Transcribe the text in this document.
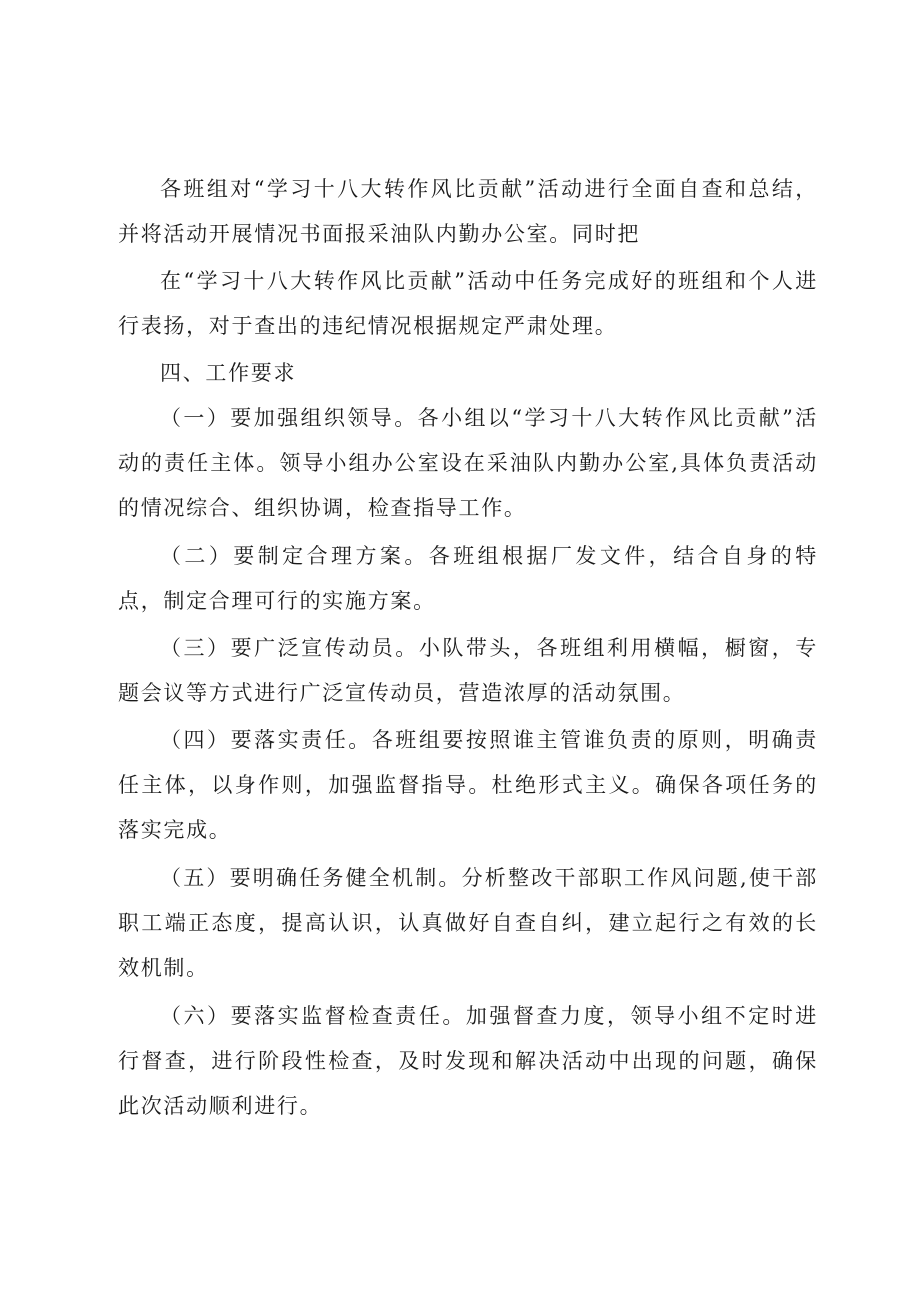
各班组对“学习十八大转作风比贡献”活动进行全面自查和总结，并将活动开展情况书面报采油队内勤办公室。同时把

在“学习十八大转作风比贡献”活动中任务完成好的班组和个人进行表扬，对于查出的违纪情况根据规定严肃处理。

四、工作要求

（一）要加强组织领导。各小组以“学习十八大转作风比贡献”活动的责任主体。领导小组办公室设在采油队内勤办公室,具体负责活动的情况综合、组织协调，检查指导工作。

（二）要制定合理方案。各班组根据厂发文件，结合自身的特点，制定合理可行的实施方案。

（三）要广泛宣传动员。小队带头，各班组利用横幅，橱窗，专题会议等方式进行广泛宣传动员，营造浓厚的活动氛围。

（四）要落实责任。各班组要按照谁主管谁负责的原则，明确责任主体，以身作则，加强监督指导。杜绝形式主义。确保各项任务的落实完成。

（五）要明确任务健全机制。分析整改干部职工作风问题,使干部职工端正态度，提高认识，认真做好自查自纠，建立起行之有效的长效机制。

（六）要落实监督检查责任。加强督查力度，领导小组不定时进行督查，进行阶段性检查，及时发现和解决活动中出现的问题，确保此次活动顺利进行。
